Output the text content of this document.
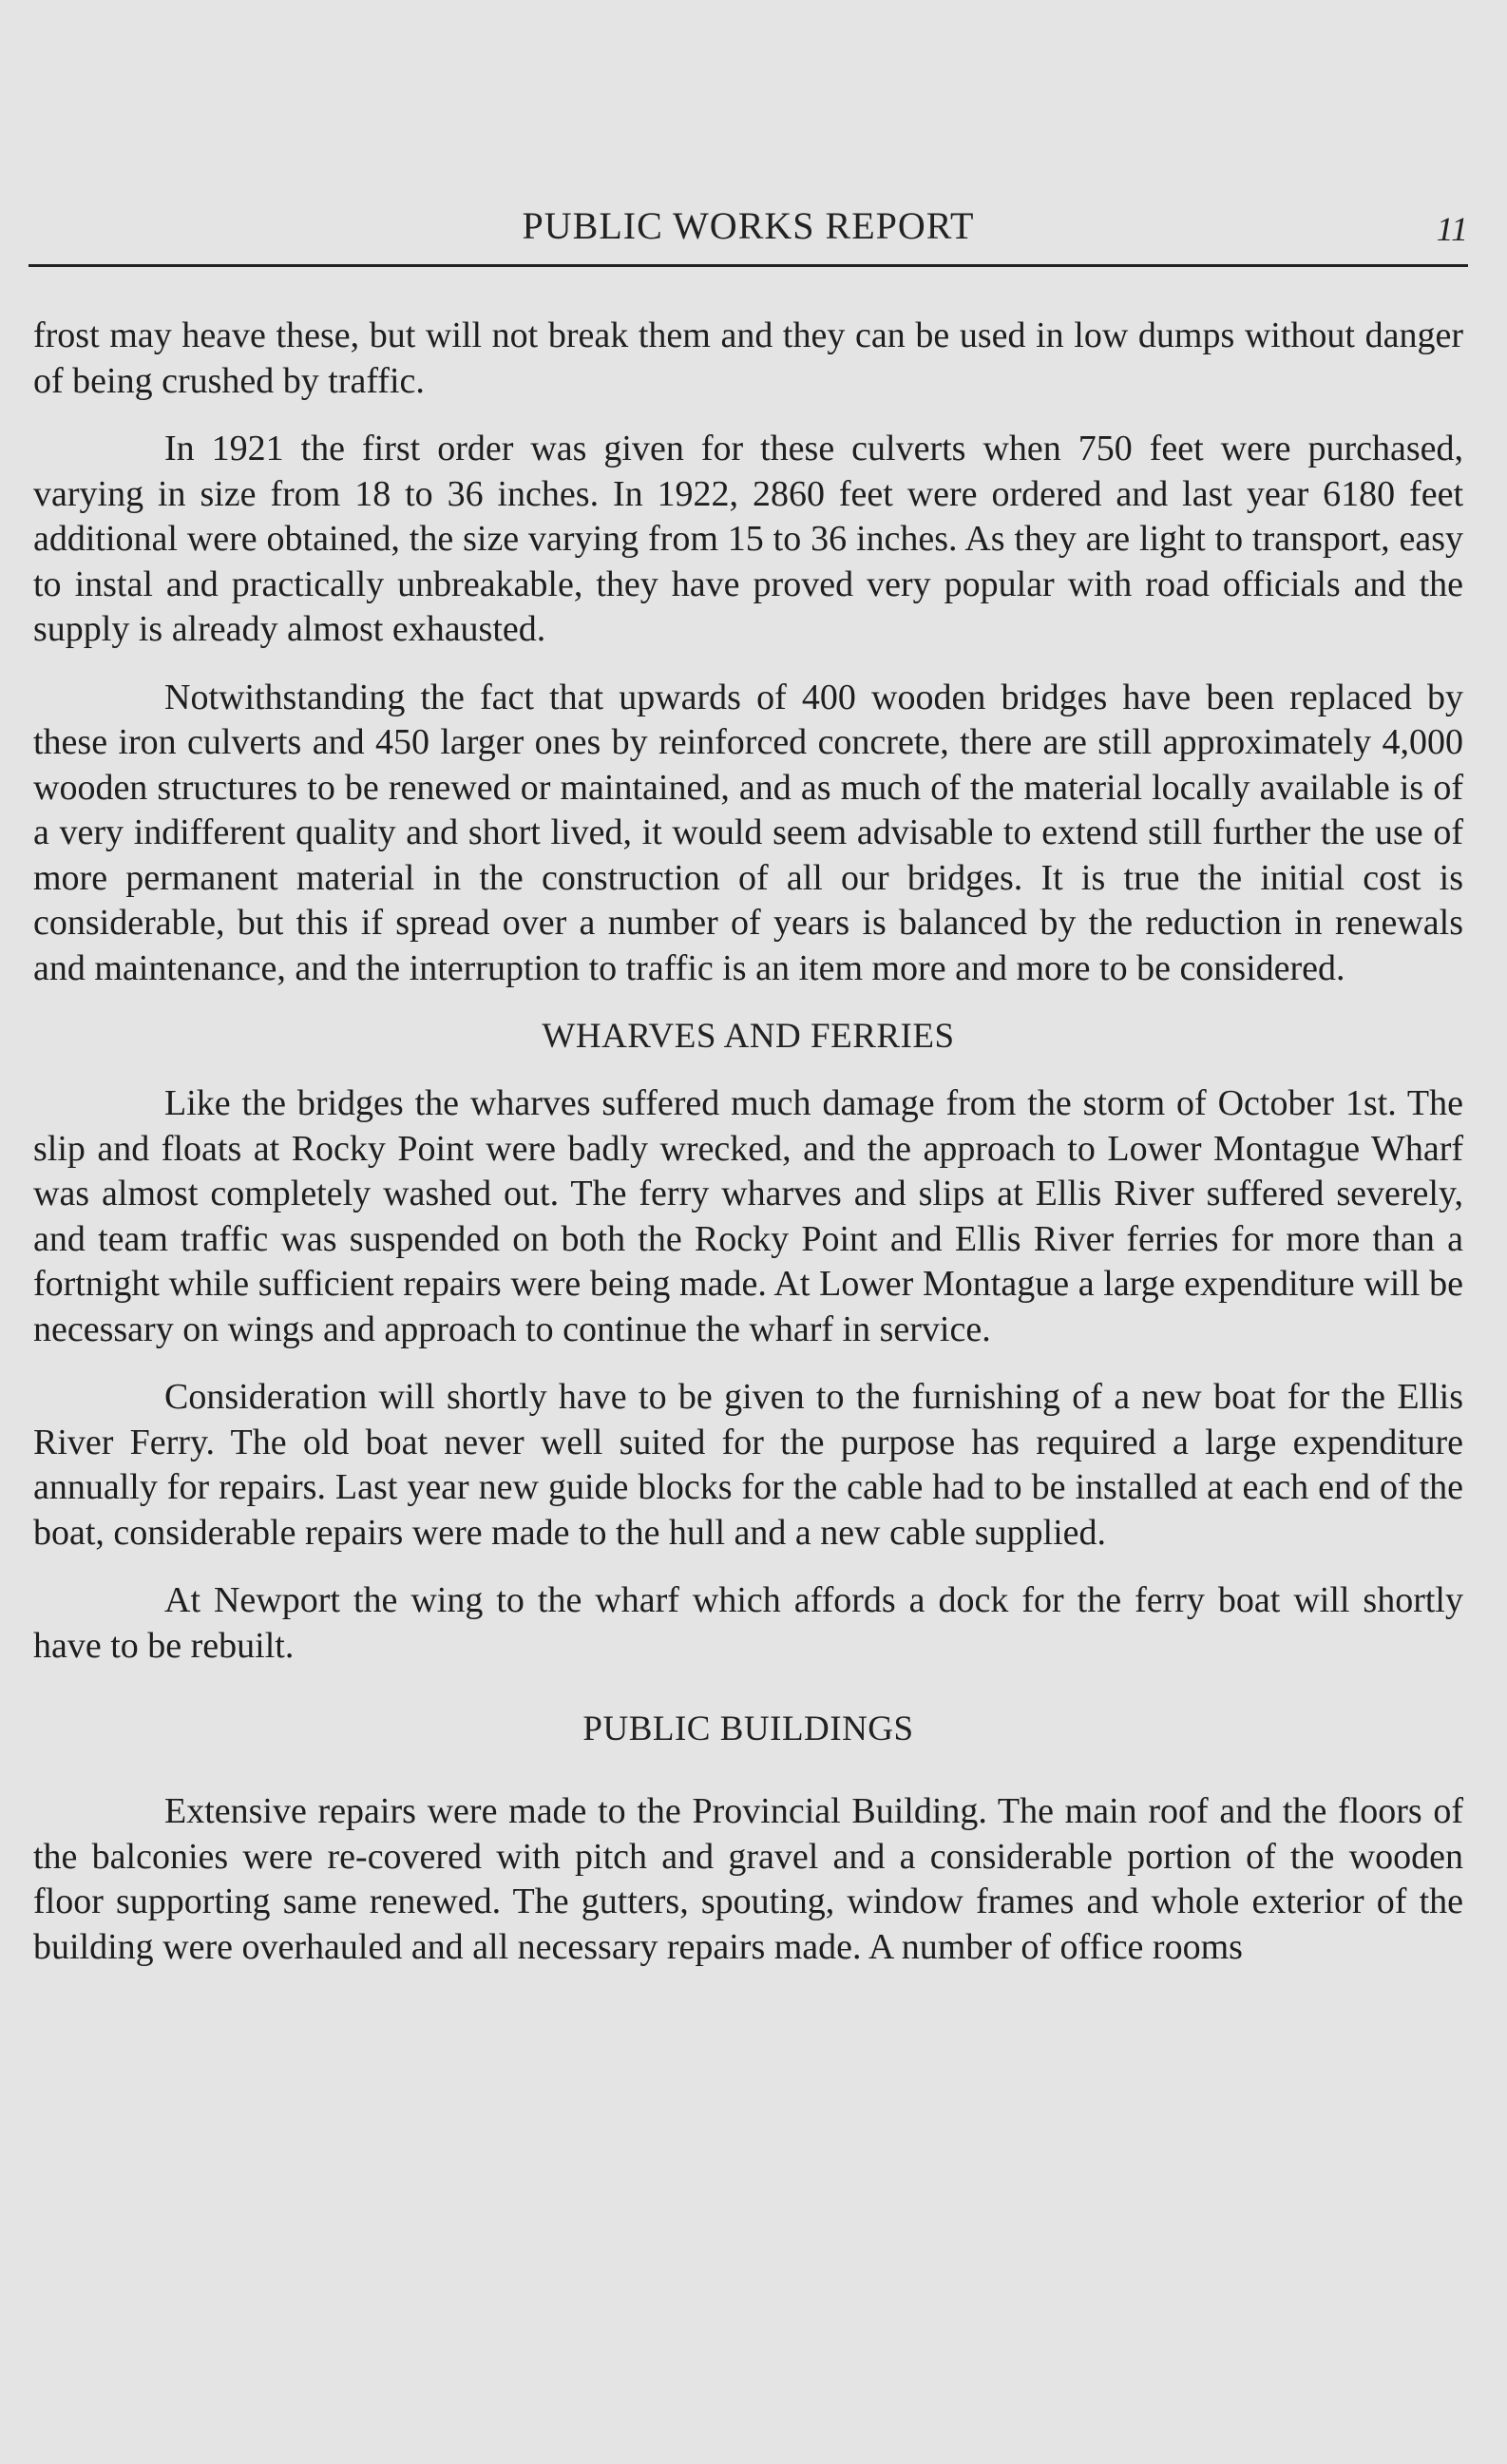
PUBLIC WORKS REPORT	11

frost may heave these, but will not break them and they can be used in low dumps without danger of being crushed by traffic.

In 1921 the first order was given for these culverts when 750 feet were purchased, varying in size from 18 to 36 inches. In 1922, 2860 feet were ordered and last year 6180 feet additional were obtained, the size varying from 15 to 36 inches. As they are light to transport, easy to instal and practically unbreakable, they have proved very popular with road officials and the supply is already almost exhausted.

Notwithstanding the fact that upwards of 400 wooden bridges have been replaced by these iron culverts and 450 larger ones by reinforced concrete, there are still approximately 4,000 wooden structures to be renewed or maintained, and as much of the material locally available is of a very indifferent quality and short lived, it would seem advisable to extend still further the use of more permanent material in the construction of all our bridges. It is true the initial cost is considerable, but this if spread over a number of years is balanced by the reduction in renewals and maintenance, and the interruption to traffic is an item more and more to be considered.

WHARVES AND FERRIES

Like the bridges the wharves suffered much damage from the storm of October 1st. The slip and floats at Rocky Point were badly wrecked, and the approach to Lower Montague Wharf was almost completely washed out. The ferry wharves and slips at Ellis River suffered severely, and team traffic was suspended on both the Rocky Point and Ellis River ferries for more than a fortnight while sufficient repairs were being made. At Lower Montague a large expenditure will be necessary on wings and approach to continue the wharf in service.

Consideration will shortly have to be given to the furnishing of a new boat for the Ellis River Ferry. The old boat never well suited for the purpose has required a large expenditure annually for repairs. Last year new guide blocks for the cable had to be installed at each end of the boat, considerable repairs were made to the hull and a new cable supplied.

At Newport the wing to the wharf which affords a dock for the ferry boat will shortly have to be rebuilt.

PUBLIC BUILDINGS

Extensive repairs were made to the Provincial Building. The main roof and the floors of the balconies were re-covered with pitch and gravel and a considerable portion of the wooden floor supporting same renewed. The gutters, spouting, window frames and whole exterior of the building were overhauled and all necessary repairs made. A number of office rooms
